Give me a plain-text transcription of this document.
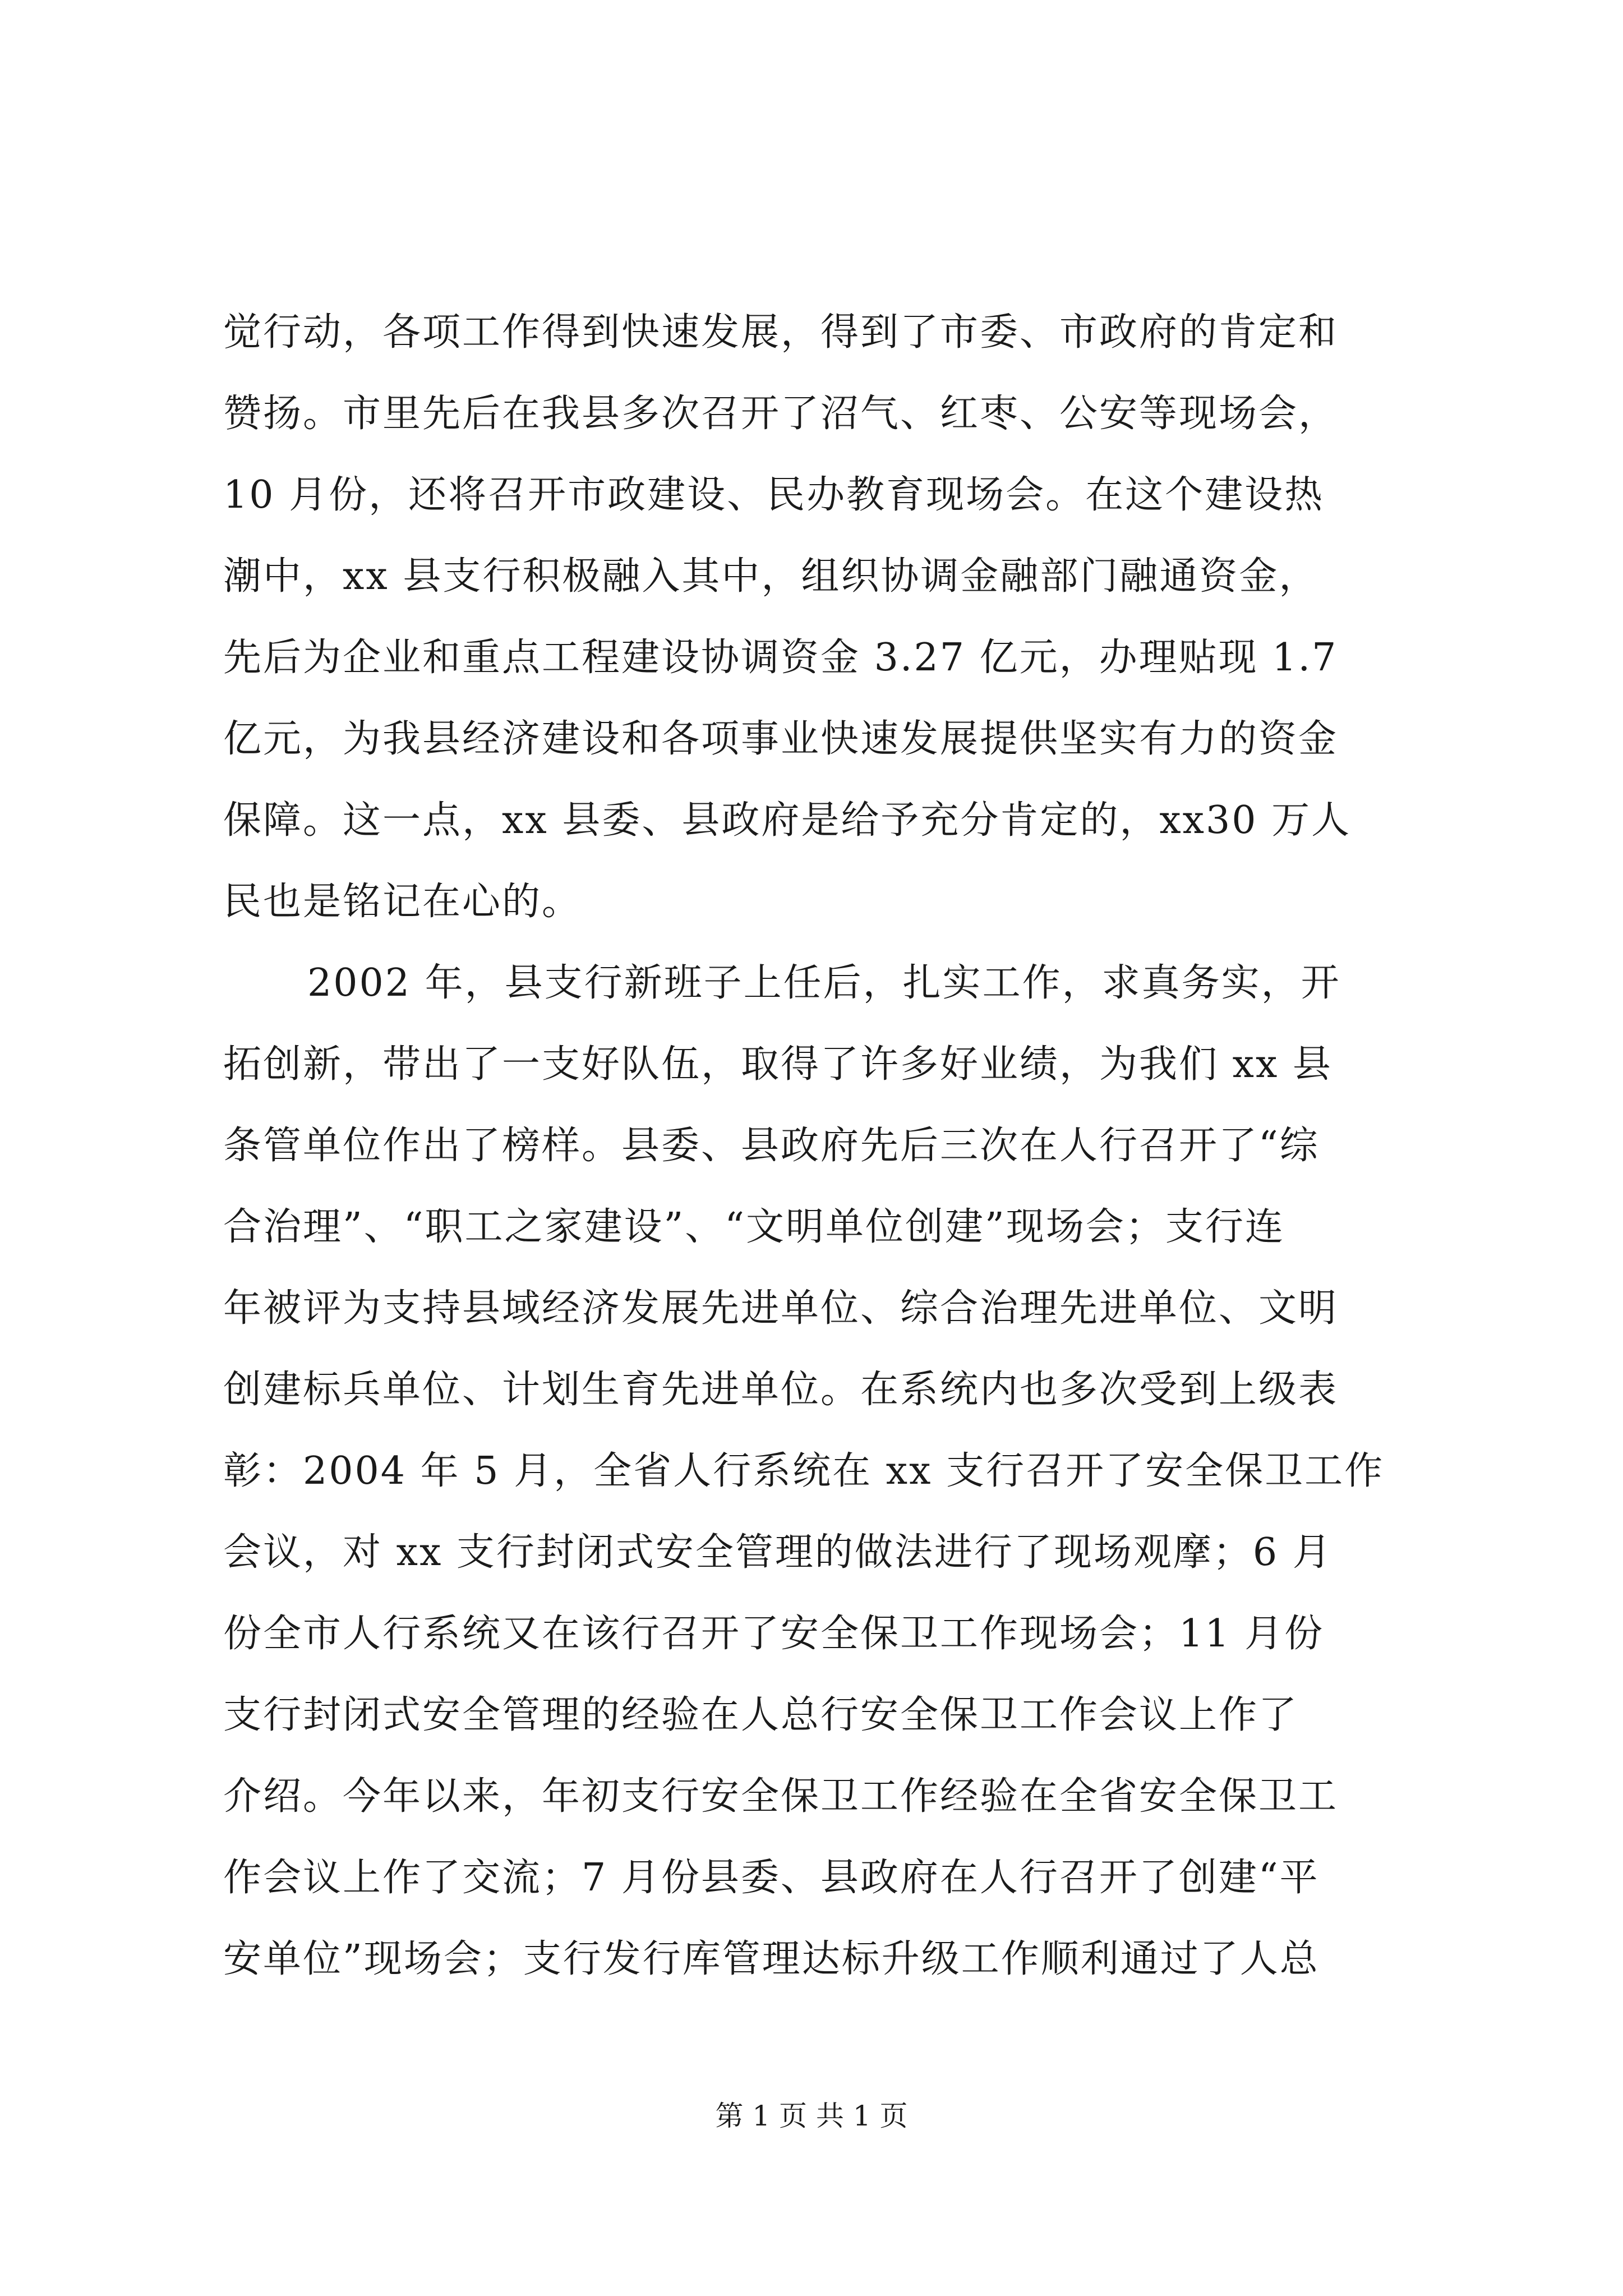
觉行动，各项工作得到快速发展，得到了市委、市政府的肯定和
赞扬。市里先后在我县多次召开了沼气、红枣、公安等现场会，
10 月份，还将召开市政建设、民办教育现场会。在这个建设热
潮中，xx 县支行积极融入其中，组织协调金融部门融通资金，
先后为企业和重点工程建设协调资金 3.27 亿元，办理贴现 1.7
亿元，为我县经济建设和各项事业快速发展提供坚实有力的资金
保障。这一点，xx 县委、县政府是给予充分肯定的，xx30 万人
民也是铭记在心的。
2002 年，县支行新班子上任后，扎实工作，求真务实，开
拓创新，带出了一支好队伍，取得了许多好业绩，为我们 xx 县
条管单位作出了榜样。县委、县政府先后三次在人行召开了“综
合治理”、“职工之家建设”、“文明单位创建”现场会；支行连
年被评为支持县域经济发展先进单位、综合治理先进单位、文明
创建标兵单位、计划生育先进单位。在系统内也多次受到上级表
彰：2004 年 5 月，全省人行系统在 xx 支行召开了安全保卫工作
会议，对 xx 支行封闭式安全管理的做法进行了现场观摩；6 月
份全市人行系统又在该行召开了安全保卫工作现场会；11 月份
支行封闭式安全管理的经验在人总行安全保卫工作会议上作了
介绍。今年以来，年初支行安全保卫工作经验在全省安全保卫工
作会议上作了交流；7 月份县委、县政府在人行召开了创建“平
安单位”现场会；支行发行库管理达标升级工作顺利通过了人总
第 1 页 共 1 页
